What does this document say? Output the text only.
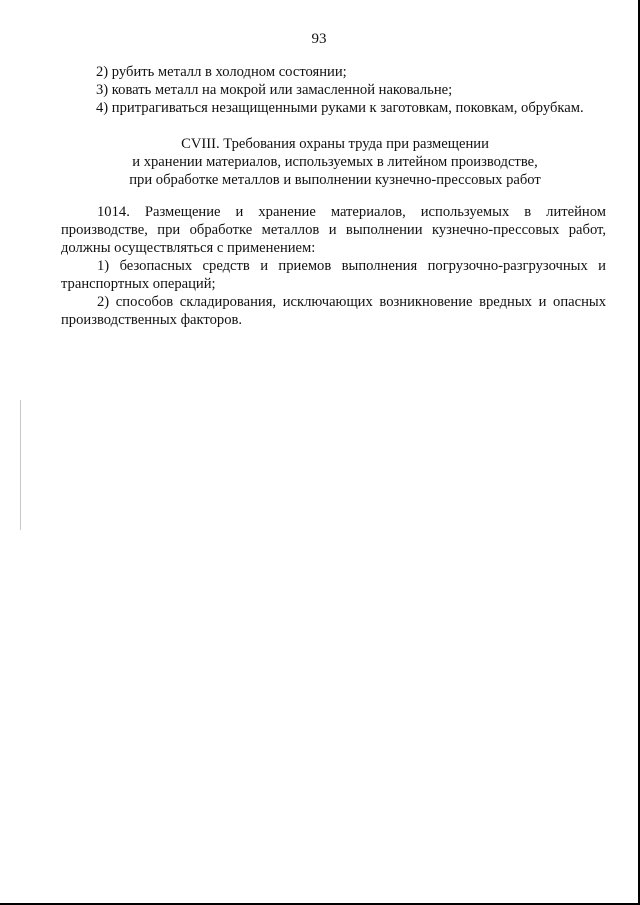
93

2) рубить металл в холодном состоянии;

3) ковать металл на мокрой или замасленной наковальне;

4) притрагиваться незащищенными руками к заготовкам, поковкам, обрубкам.

CVIII. Требования охраны труда при размещении

и хранении материалов, используемых в литейном производстве,

при обработке металлов и выполнении кузнечно-прессовых работ

1014. Размещение и хранение материалов, используемых в литейном производстве, при обработке металлов и выполнении кузнечно-прессовых работ, должны осуществляться с применением:

1) безопасных средств и приемов выполнения погрузочно-разгрузочных и транспортных операций;

2) способов складирования, исключающих возникновение вредных и опасных производственных факторов.
